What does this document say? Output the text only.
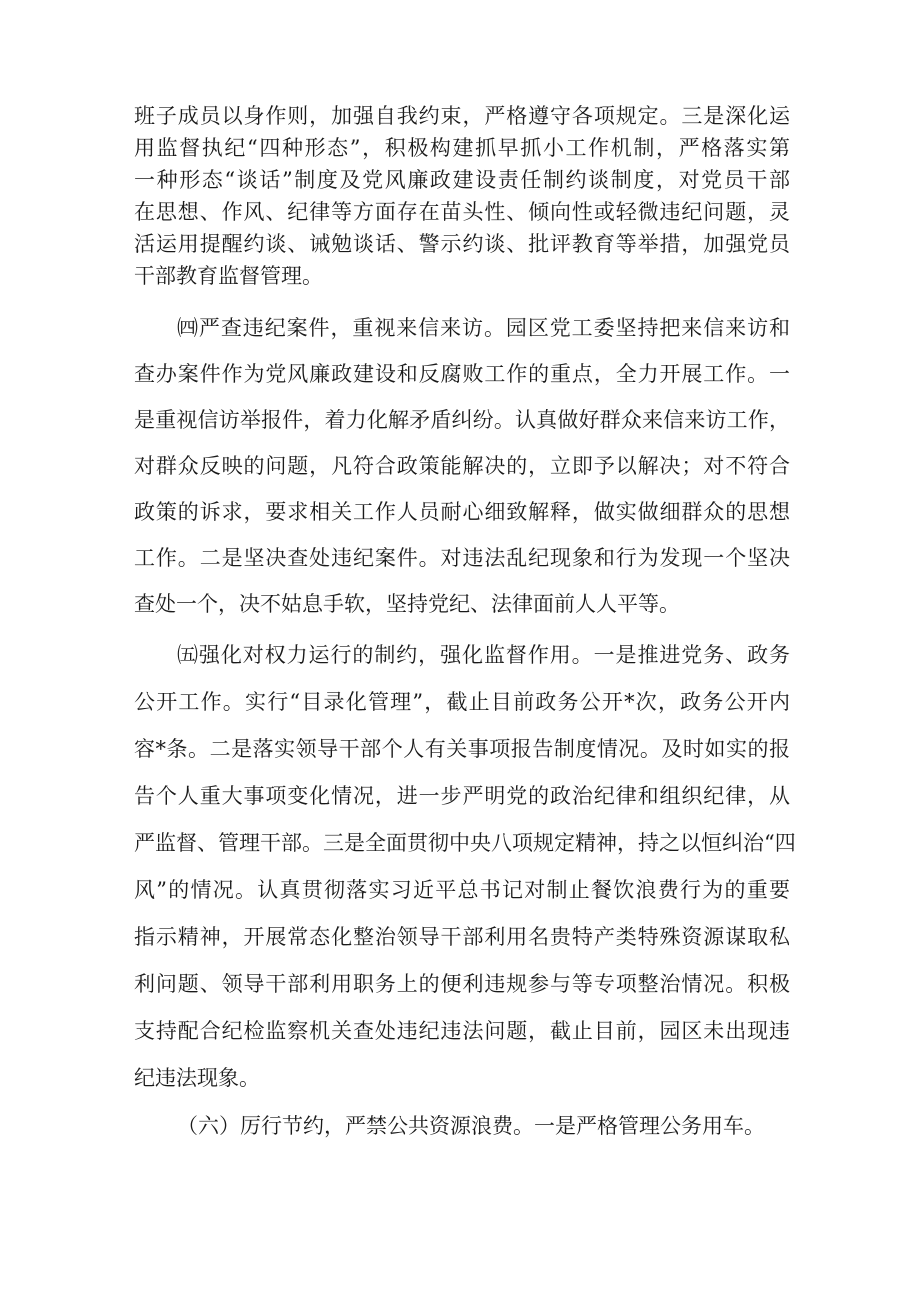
班子成员以身作则，加强自我约束，严格遵守各项规定。三是深化运

用监督执纪“四种形态”，积极构建抓早抓小工作机制，严格落实第

一种形态“谈话”制度及党风廉政建设责任制约谈制度，对党员干部

在思想、作风、纪律等方面存在苗头性、倾向性或轻微违纪问题，灵

活运用提醒约谈、诫勉谈话、警示约谈、批评教育等举措，加强党员

干部教育监督管理。

㈣严查违纪案件，重视来信来访。园区党工委坚持把来信来访和

查办案件作为党风廉政建设和反腐败工作的重点，全力开展工作。一

是重视信访举报件，着力化解矛盾纠纷。认真做好群众来信来访工作，

对群众反映的问题，凡符合政策能解决的，立即予以解决；对不符合

政策的诉求，要求相关工作人员耐心细致解释，做实做细群众的思想

工作。二是坚决查处违纪案件。对违法乱纪现象和行为发现一个坚决

查处一个，决不姑息手软，坚持党纪、法律面前人人平等。

㈤强化对权力运行的制约，强化监督作用。一是推进党务、政务

公开工作。实行“目录化管理”，截止目前政务公开*次，政务公开内

容*条。二是落实领导干部个人有关事项报告制度情况。及时如实的报

告个人重大事项变化情况，进一步严明党的政治纪律和组织纪律，从

严监督、管理干部。三是全面贯彻中央八项规定精神，持之以恒纠治“四

风”的情况。认真贯彻落实习近平总书记对制止餐饮浪费行为的重要

指示精神，开展常态化整治领导干部利用名贵特产类特殊资源谋取私

利问题、领导干部利用职务上的便利违规参与等专项整治情况。积极

支持配合纪检监察机关查处违纪违法问题，截止目前，园区未出现违

纪违法现象。

（六）厉行节约，严禁公共资源浪费。一是严格管理公务用车。
